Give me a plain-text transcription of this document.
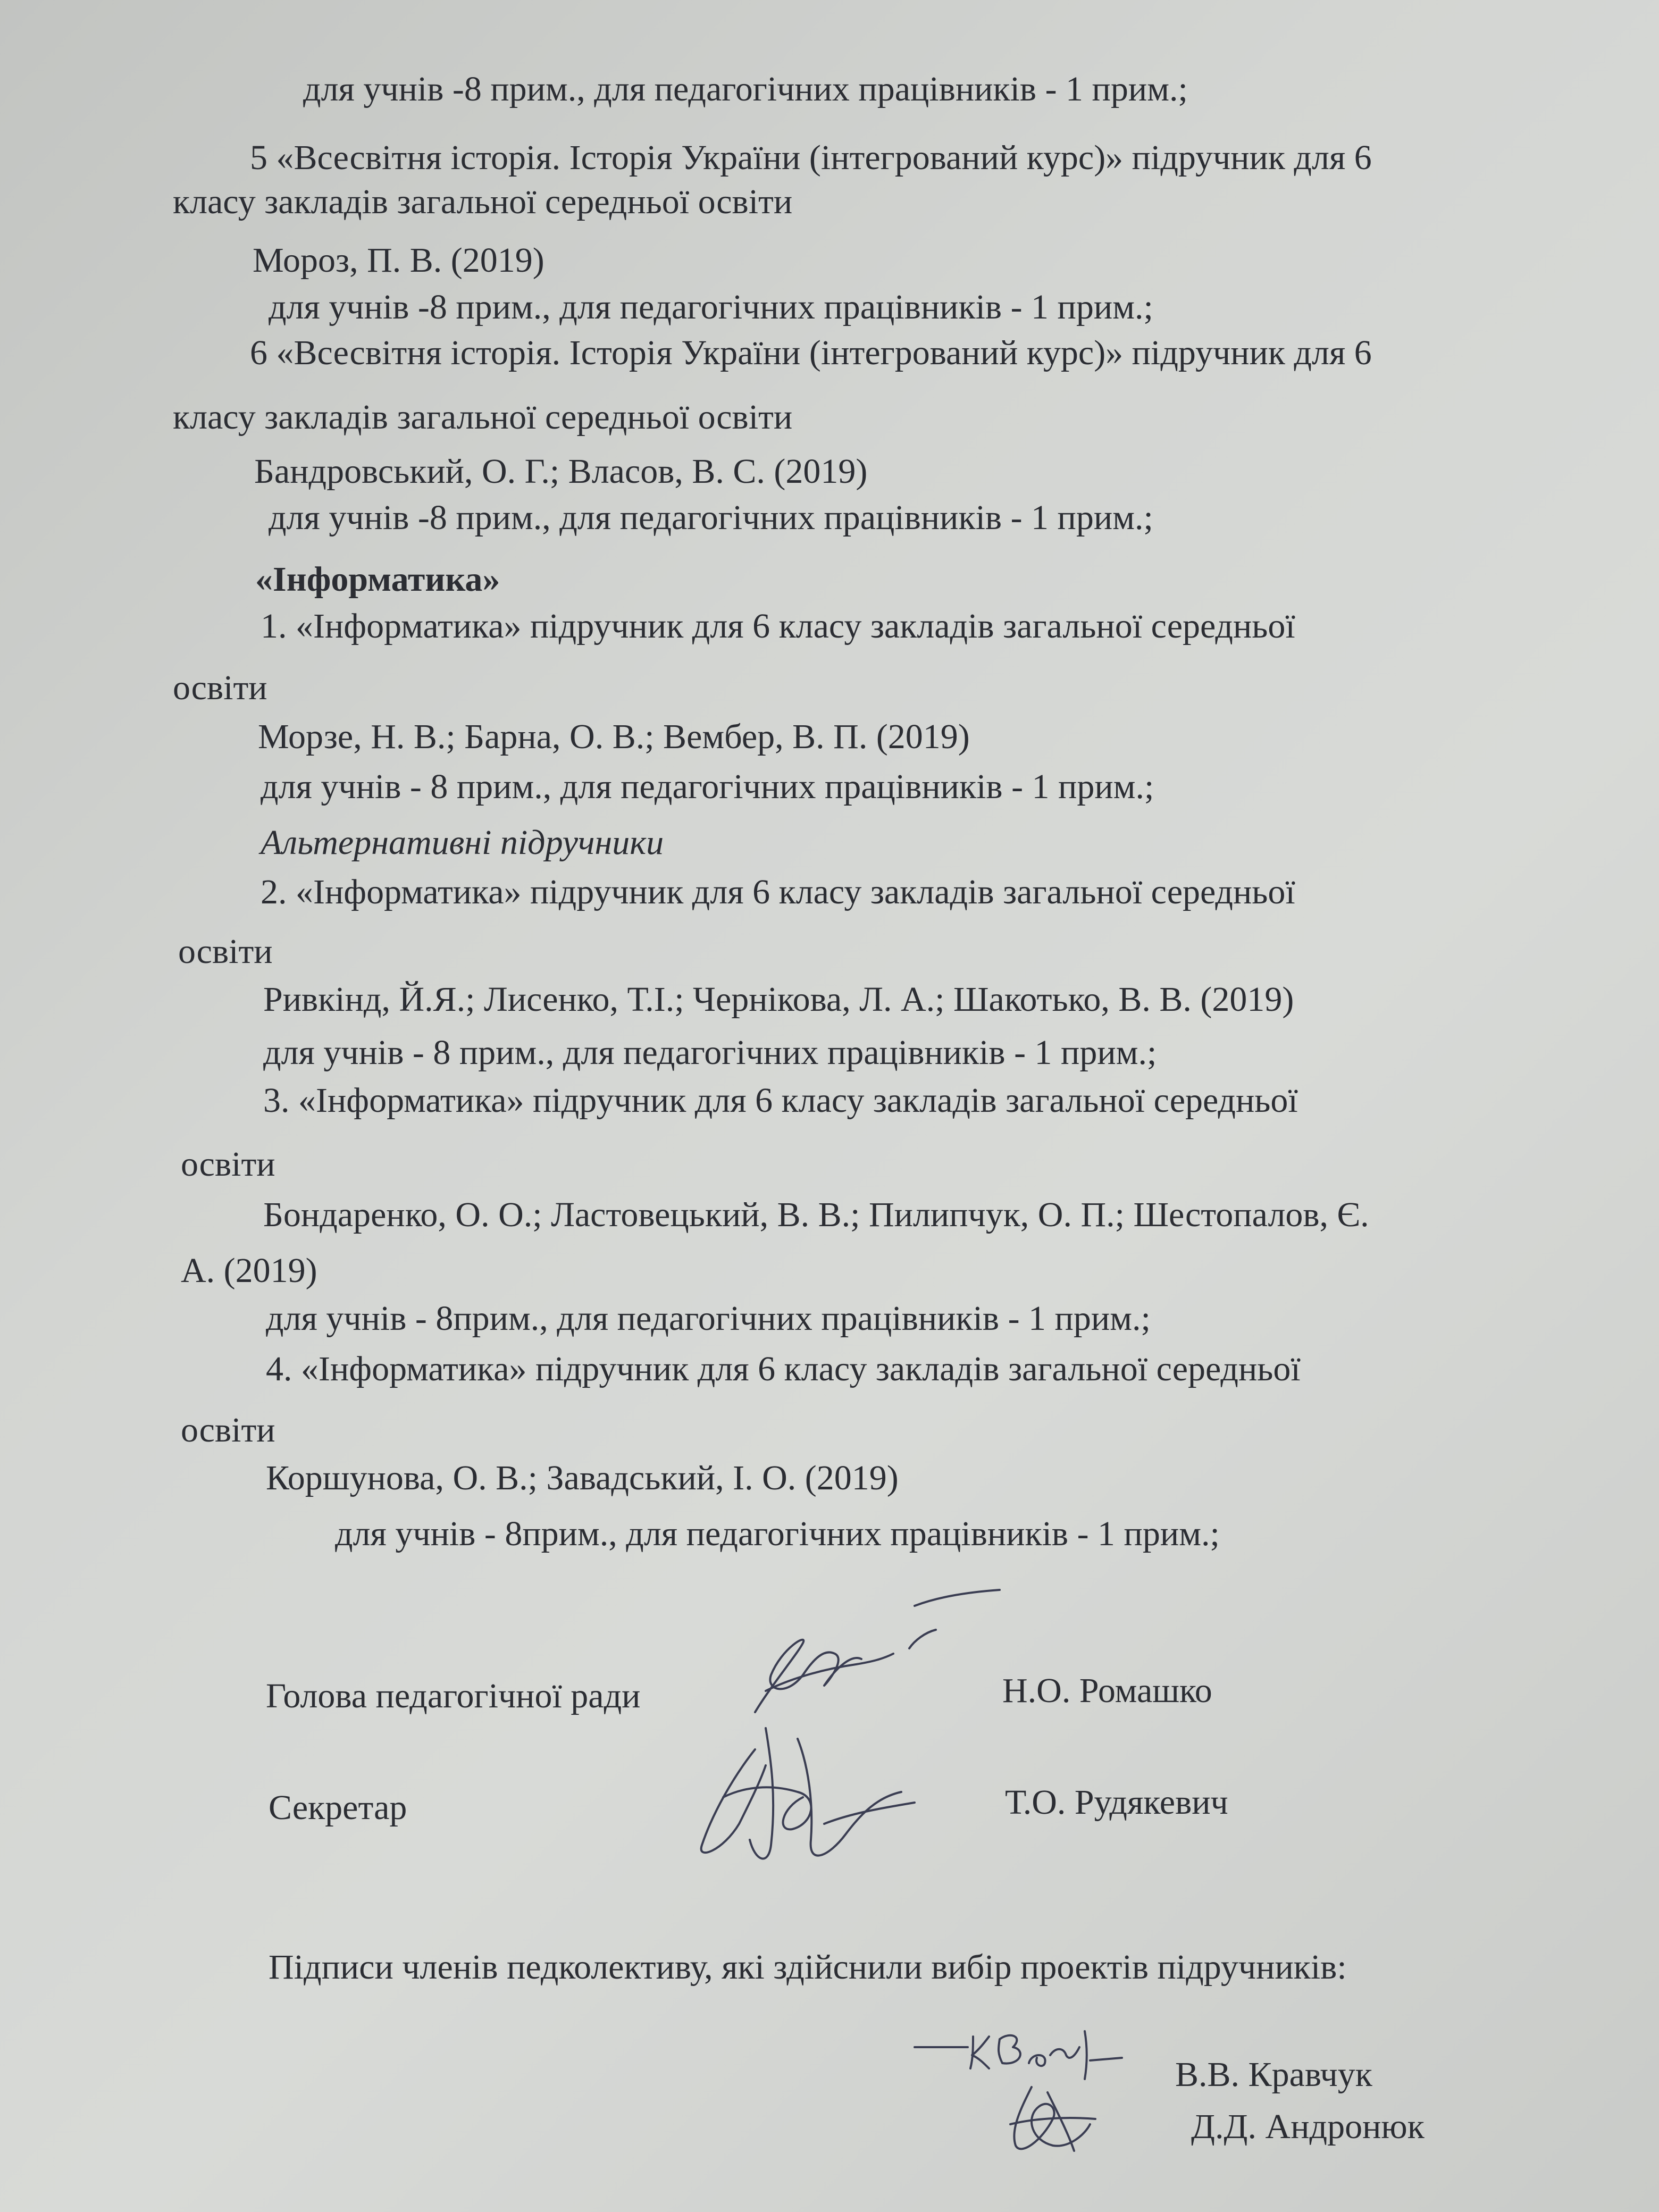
для учнів -8 прим., для педагогічних працівників - 1 прим.;
5 «Всесвітня історія. Історія України (інтегрований курс)» підручник для 6
класу закладів загальної середньої освіти
Мороз, П. В. (2019)
для учнів -8 прим., для педагогічних працівників - 1 прим.;
6 «Всесвітня історія. Історія України (інтегрований курс)» підручник для 6
класу закладів загальної середньої освіти
Бандровський, О. Г.; Власов, В. С. (2019)
для учнів -8 прим., для педагогічних працівників - 1 прим.;
«Інформатика»
1. «Інформатика» підручник для 6 класу закладів загальної середньої
освіти
Морзе, Н. В.; Барна, О. В.; Вембер, В. П. (2019)
для учнів - 8 прим., для педагогічних працівників - 1 прим.;
Альтернативні підручники
2. «Інформатика» підручник для 6 класу закладів загальної середньої
освіти
Ривкінд, Й.Я.; Лисенко, Т.І.; Чернікова, Л. А.; Шакотько, В. В. (2019)
для учнів - 8 прим., для педагогічних працівників - 1 прим.;
3. «Інформатика» підручник для 6 класу закладів загальної середньої
освіти
Бондаренко, О. О.; Ластовецький, В. В.; Пилипчук, О. П.; Шестопалов, Є.
А. (2019)
для учнів - 8прим., для педагогічних працівників - 1 прим.;
4. «Інформатика» підручник для 6 класу закладів загальної середньої
освіти
Коршунова, О. В.; Завадський, І. О. (2019)
для учнів - 8прим., для педагогічних працівників - 1 прим.;
Голова педагогічної ради	Н.О. Ромашко
Секретар	Т.О. Рудякевич
Підписи членів педколективу, які здійснили вибір проектів підручників:
В.В. Кравчук
Д.Д. Андронюк
